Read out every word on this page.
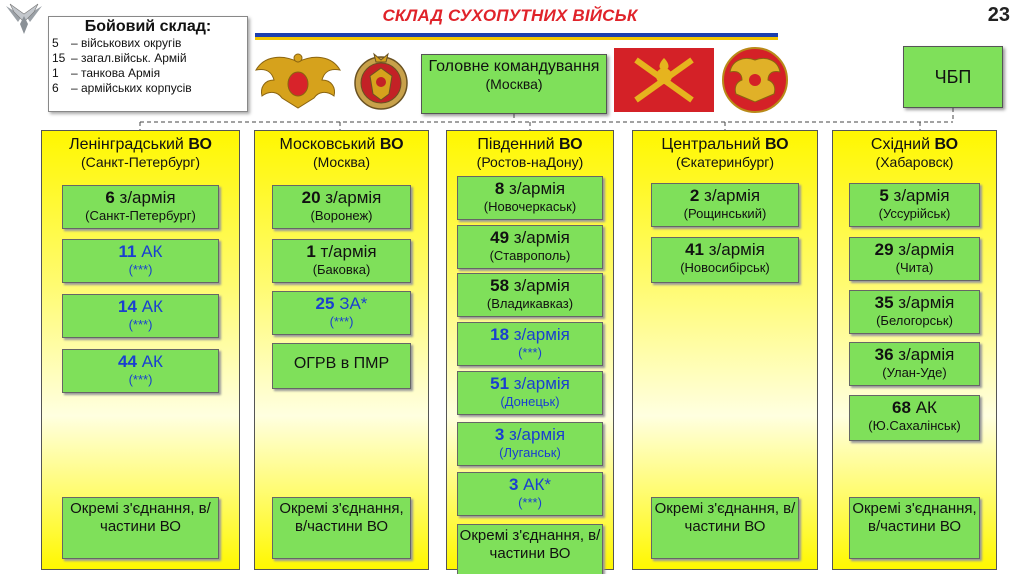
СКЛАД СУХОПУТНИХ ВІЙСЬК	23
Бойовий склад:
5 – військових округів
15 – загал.військ. Армій
1 – танкова Армія
6 – армійських корпусів
Головне командування
(Москва)	ЧБП
Ленінградський ВО
(Санкт-Петербург)
6 з/армія
(Санкт-Петербург)
11 АК
(***)
14 АК
(***)
44 АК
(***)
Окремі з'єднання, в/частини ВО
Московський ВО
(Москва)
20 з/армія
(Воронеж)
1 т/армія
(Баковка)
25 ЗА*
(***)
ОГРВ в ПМР
Окремі з'єднання, в/частини ВО
Південний ВО
(Ростов-наДону)
8 з/армія
(Новочеркаськ)
49 з/армія
(Ставрополь)
58 з/армія
(Владикавказ)
18 з/армія
(***)
51 з/армія
(Донецьк)
3 з/армія
(Луганськ)
3 АК*
(***)
Окремі з'єднання, в/частини ВО
Центральний ВО
(Єкатеринбург)
2 з/армія
(Рощинський)
41 з/армія
(Новосибірськ)
Окремі з'єднання, в/частини ВО
Східний ВО
(Хабаровск)
5 з/армія
(Уссурійськ)
29 з/армія
(Чита)
35 з/армія
(Белогорськ)
36 з/армія
(Улан-Уде)
68 АК
(Ю.Сахалінськ)
Окремі з'єднання, в/частини ВО
